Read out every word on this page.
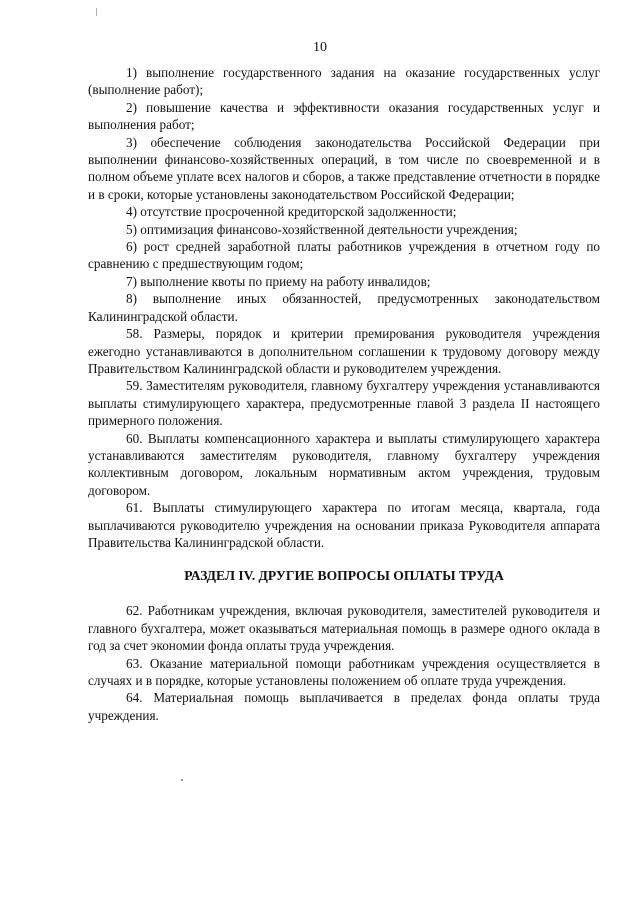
10

1) выполнение государственного задания на оказание государственных услуг (выполнение работ);

2) повышение качества и эффективности оказания государственных услуг и выполнения работ;

3) обеспечение соблюдения законодательства Российской Федерации при выполнении финансово-хозяйственных операций, в том числе по своевременной и в полном объеме уплате всех налогов и сборов, а также представление отчетности в порядке и в сроки, которые установлены законодательством Российской Федерации;

4) отсутствие просроченной кредиторской задолженности;

5) оптимизация финансово-хозяйственной деятельности учреждения;

6) рост средней заработной платы работников учреждения в отчетном году по сравнению с предшествующим годом;

7) выполнение квоты по приему на работу инвалидов;

8) выполнение иных обязанностей, предусмотренных законодательством Калининградской области.

58. Размеры, порядок и критерии премирования руководителя учреждения ежегодно устанавливаются в дополнительном соглашении к трудовому договору между Правительством Калининградской области и руководителем учреждения.

59. Заместителям руководителя, главному бухгалтеру учреждения устанавливаются выплаты стимулирующего характера, предусмотренные главой 3 раздела II настоящего примерного положения.

60. Выплаты компенсационного характера и выплаты стимулирующего характера устанавливаются заместителям руководителя, главному бухгалтеру учреждения коллективным договором, локальным нормативным актом учреждения, трудовым договором.

61. Выплаты стимулирующего характера по итогам месяца, квартала, года выплачиваются руководителю учреждения на основании приказа Руководителя аппарата Правительства Калининградской области.

РАЗДЕЛ IV. ДРУГИЕ ВОПРОСЫ ОПЛАТЫ ТРУДА

62. Работникам учреждения, включая руководителя, заместителей руководителя и главного бухгалтера, может оказываться материальная помощь в размере одного оклада в год за счет экономии фонда оплаты труда учреждения.

63. Оказание материальной помощи работникам учреждения осуществляется в случаях и в порядке, которые установлены положением об оплате труда учреждения.

64. Материальная помощь выплачивается в пределах фонда оплаты труда учреждения.
